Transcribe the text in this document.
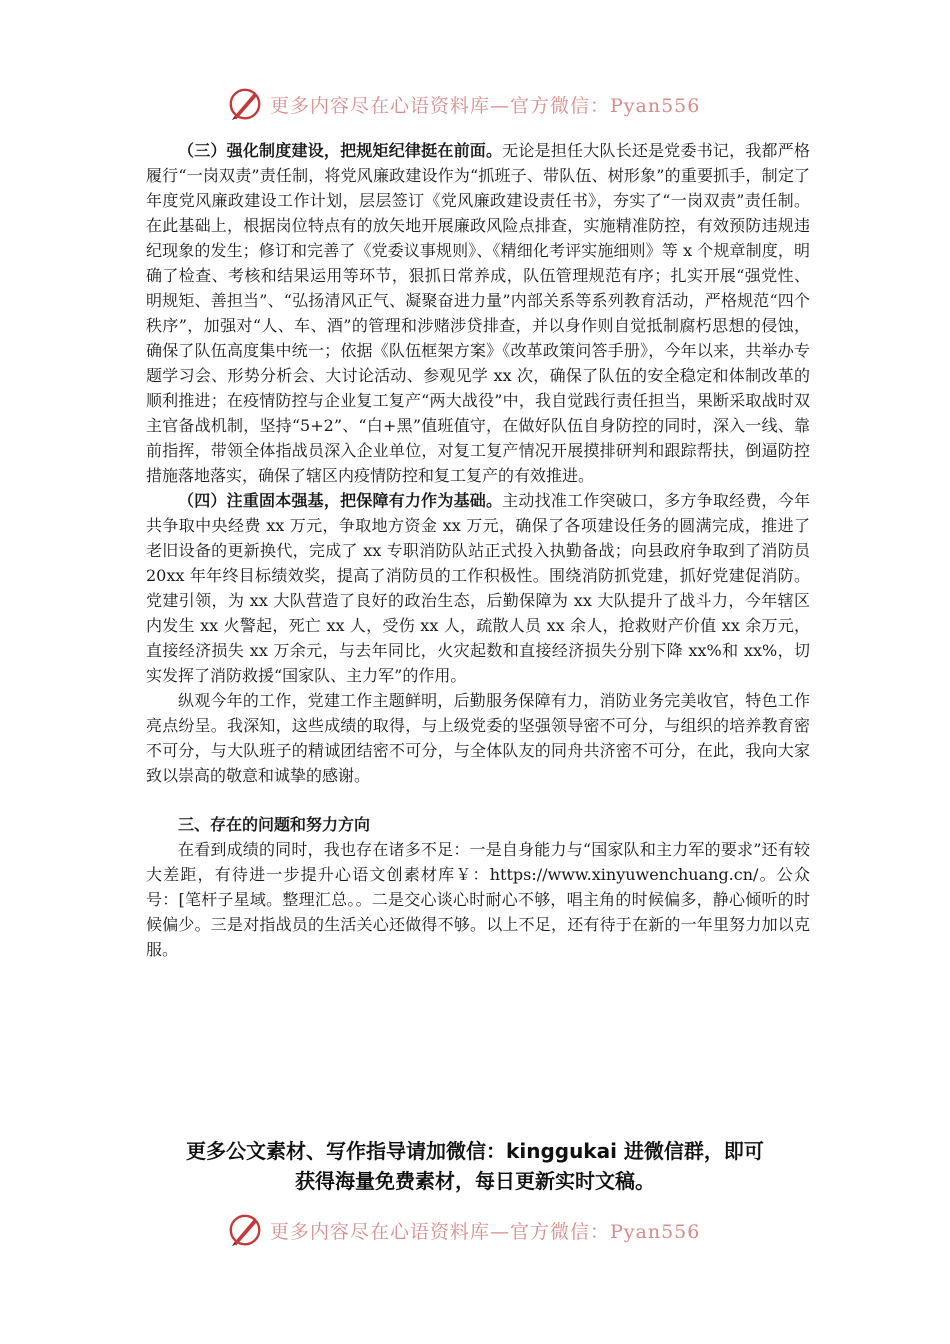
更多内容尽在心语资料库—官方微信：Pyan556

（三）强化制度建设，把规矩纪律挺在前面。无论是担任大队长还是党委书记，我都严格履行“一岗双责”责任制，将党风廉政建设作为“抓班子、带队伍、树形象”的重要抓手，制定了年度党风廉政建设工作计划，层层签订《党风廉政建设责任书》，夯实了“一岗双责”责任制。在此基础上，根据岗位特点有的放矢地开展廉政风险点排查，实施精准防控，有效预防违规违纪现象的发生；修订和完善了《党委议事规则》、《精细化考评实施细则》等 x 个规章制度，明确了检查、考核和结果运用等环节，狠抓日常养成，队伍管理规范有序；扎实开展“强党性、明规矩、善担当”、“弘扬清风正气、凝聚奋进力量”内部关系等系列教育活动，严格规范“四个秩序”，加强对“人、车、酒”的管理和涉赌涉贷排查，并以身作则自觉抵制腐朽思想的侵蚀，确保了队伍高度集中统一；依据《队伍框架方案》《改革政策问答手册》，今年以来，共举办专题学习会、形势分析会、大讨论活动、参观见学 xx 次，确保了队伍的安全稳定和体制改革的顺利推进；在疫情防控与企业复工复产“两大战役”中，我自觉践行责任担当，果断采取战时双主官备战机制，坚持“5+2”、“白+黑”值班值守，在做好队伍自身防控的同时，深入一线、靠前指挥，带领全体指战员深入企业单位，对复工复产情况开展摸排研判和跟踪帮扶，倒逼防控措施落地落实，确保了辖区内疫情防控和复工复产的有效推进。

（四）注重固本强基，把保障有力作为基础。主动找准工作突破口，多方争取经费，今年共争取中央经费 xx 万元，争取地方资金 xx 万元，确保了各项建设任务的圆满完成，推进了老旧设备的更新换代，完成了 xx 专职消防队站正式投入执勤备战；向县政府争取到了消防员 20xx 年年终目标绩效奖，提高了消防员的工作积极性。围绕消防抓党建，抓好党建促消防。党建引领，为 xx 大队营造了良好的政治生态，后勤保障为 xx 大队提升了战斗力，今年辖区内发生 xx 火警起，死亡 xx 人，受伤 xx 人，疏散人员 xx 余人，抢救财产价值 xx 余万元，直接经济损失 xx 万余元，与去年同比，火灾起数和直接经济损失分别下降 xx%和 xx%，切实发挥了消防救援“国家队、主力军”的作用。

纵观今年的工作，党建工作主题鲜明，后勤服务保障有力，消防业务完美收官，特色工作亮点纷呈。我深知，这些成绩的取得，与上级党委的坚强领导密不可分，与组织的培养教育密不可分，与大队班子的精诚团结密不可分，与全体队友的同舟共济密不可分，在此，我向大家致以崇高的敬意和诚挚的感谢。

三、存在的问题和努力方向

在看到成绩的同时，我也存在诸多不足：一是自身能力与“国家队和主力军的要求”还有较大差距，有待进一步提升心语文创素材库￥：https://www.xinyuwenchuang.cn/。公众号：[笔杆子星域。整理汇总。。二是交心谈心时耐心不够，唱主角的时候偏多，静心倾听的时候偏少。三是对指战员的生活关心还做得不够。以上不足，还有待于在新的一年里努力加以克服。

更多公文素材、写作指导请加微信：kinggukai 进微信群，即可
获得海量免费素材，每日更新实时文稿。
更多内容尽在心语资料库—官方微信：Pyan556
